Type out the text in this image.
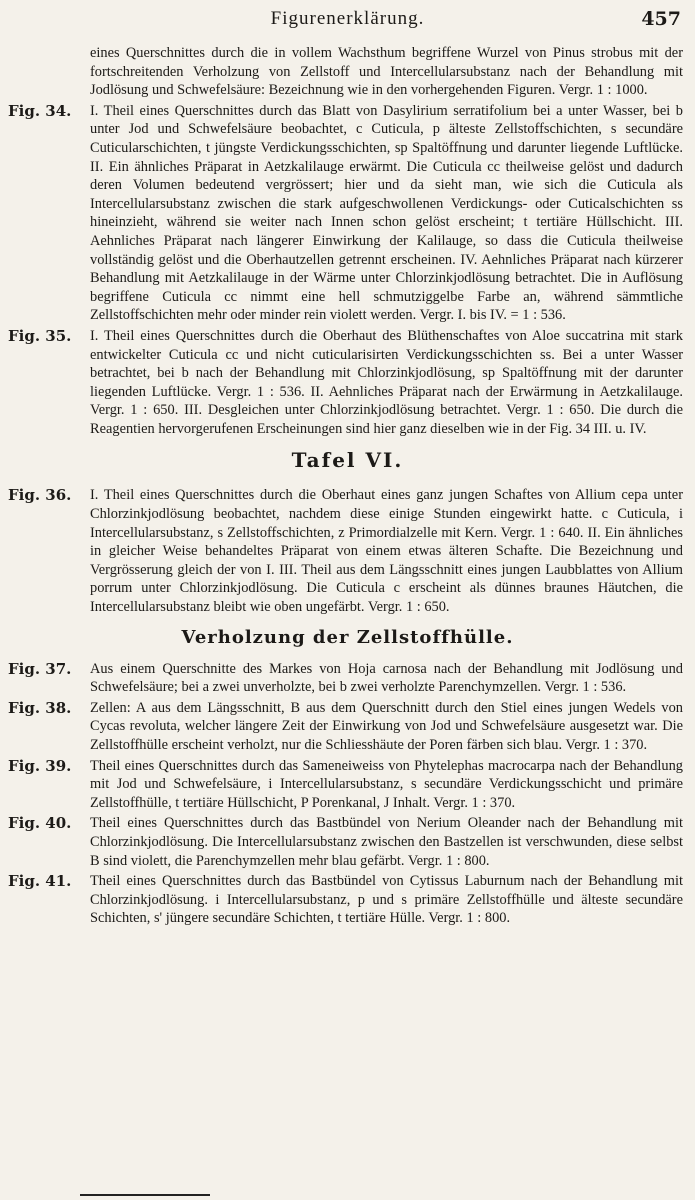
Figurenerklärung.	457
eines Querschnittes durch die in vollem Wachsthum begriffene Wurzel von Pinus strobus mit der fortschreitenden Verholzung von Zellstoff und Intercellularsubstanz nach der Behandlung mit Jodlösung und Schwefelsäure: Bezeichnung wie in den vorhergehenden Figuren. Vergr. 1 : 1000.
Fig. 34. I. Theil eines Querschnittes durch das Blatt von Dasylirium serratifolium bei a unter Wasser, bei b unter Jod und Schwefelsäure beobachtet, c Cuticula, p älteste Zellstoffschichten, s secundäre Cuticularschichten, t jüngste Verdickungsschichten, sp Spaltöffnung und darunter liegende Luftlücke. II. Ein ähnliches Präparat in Aetzkalilauge erwärmt. Die Cuticula cc theilweise gelöst und dadurch deren Volumen bedeutend vergrössert; hier und da sieht man, wie sich die Cuticula als Intercellularsubstanz zwischen die stark aufgeschwollenen Verdickungs- oder Cuticalschichten ss hineinzieht, während sie weiter nach Innen schon gelöst erscheint; t tertiäre Hüllschicht. III. Aehnliches Präparat nach längerer Einwirkung der Kalilauge, so dass die Cuticula theilweise vollständig gelöst und die Oberhautzellen getrennt erscheinen. IV. Aehnliches Präparat nach kürzerer Behandlung mit Aetzkalilauge in der Wärme unter Chlorzinkjodlösung betrachtet. Die in Auflösung begriffene Cuticula cc nimmt eine hell schmutziggelbe Farbe an, während sämmtliche Zellstoffschichten mehr oder minder rein violett werden. Vergr. I. bis IV. = 1 : 536.
Fig. 35. I. Theil eines Querschnittes durch die Oberhaut des Blüthenschaftes von Aloe succatrina mit stark entwickelter Cuticula cc und nicht cuticularisirten Verdickungsschichten ss. Bei a unter Wasser betrachtet, bei b nach der Behandlung mit Chlorzinkjodlösung, sp Spaltöffnung mit der darunter liegenden Luftlücke. Vergr. 1 : 536. II. Aehnliches Präparat nach der Erwärmung in Aetzkalilauge. Vergr. 1 : 650. III. Desgleichen unter Chlorzinkjodlösung betrachtet. Vergr. 1 : 650. Die durch die Reagentien hervorgerufenen Erscheinungen sind hier ganz dieselben wie in der Fig. 34 III. u. IV.
Tafel VI.
Fig. 36. I. Theil eines Querschnittes durch die Oberhaut eines ganz jungen Schaftes von Allium cepa unter Chlorzinkjodlösung beobachtet, nachdem diese einige Stunden eingewirkt hatte. c Cuticula, i Intercellularsubstanz, s Zellstoffschichten, z Primordialzelle mit Kern. Vergr. 1 : 640. II. Ein ähnliches in gleicher Weise behandeltes Präparat von einem etwas älteren Schafte. Die Bezeichnung und Vergrösserung gleich der von I. III. Theil aus dem Längsschnitt eines jungen Laubblattes von Allium porrum unter Chlorzinkjodlösung. Die Cuticula c erscheint als dünnes braunes Häutchen, die Intercellularsubstanz bleibt wie oben ungefärbt. Vergr. 1 : 650.
Verholzung der Zellstoffhülle.
Fig. 37. Aus einem Querschnitte des Markes von Hoja carnosa nach der Behandlung mit Jodlösung und Schwefelsäure; bei a zwei unverholzte, bei b zwei verholzte Parenchymzellen. Vergr. 1 : 536.
Fig. 38. Zellen: A aus dem Längsschnitt, B aus dem Querschnitt durch den Stiel eines jungen Wedels von Cycas revoluta, welcher längere Zeit der Einwirkung von Jod und Schwefelsäure ausgesetzt war. Die Zellstoffhülle erscheint verholzt, nur die Schliesshäute der Poren färben sich blau. Vergr. 1 : 370.
Fig. 39. Theil eines Querschnittes durch das Sameneiweiss von Phytelephas macrocarpa nach der Behandlung mit Jod und Schwefelsäure, i Intercellularsubstanz, s secundäre Verdickungsschicht und primäre Zellstoffhülle, t tertiäre Hüllschicht, P Porenkanal, J Inhalt. Vergr. 1 : 370.
Fig. 40. Theil eines Querschnittes durch das Bastbündel von Nerium Oleander nach der Behandlung mit Chlorzinkjodlösung. Die Intercellularsubstanz zwischen den Bastzellen ist verschwunden, diese selbst B sind violett, die Parenchymzellen mehr blau gefärbt. Vergr. 1 : 800.
Fig. 41. Theil eines Querschnittes durch das Bastbündel von Cytissus Laburnum nach der Behandlung mit Chlorzinkjodlösung. i Intercellularsubstanz, p und s primäre Zellstoffhülle und älteste secundäre Schichten, s' jüngere secundäre Schichten, t tertiäre Hülle. Vergr. 1 : 800.
